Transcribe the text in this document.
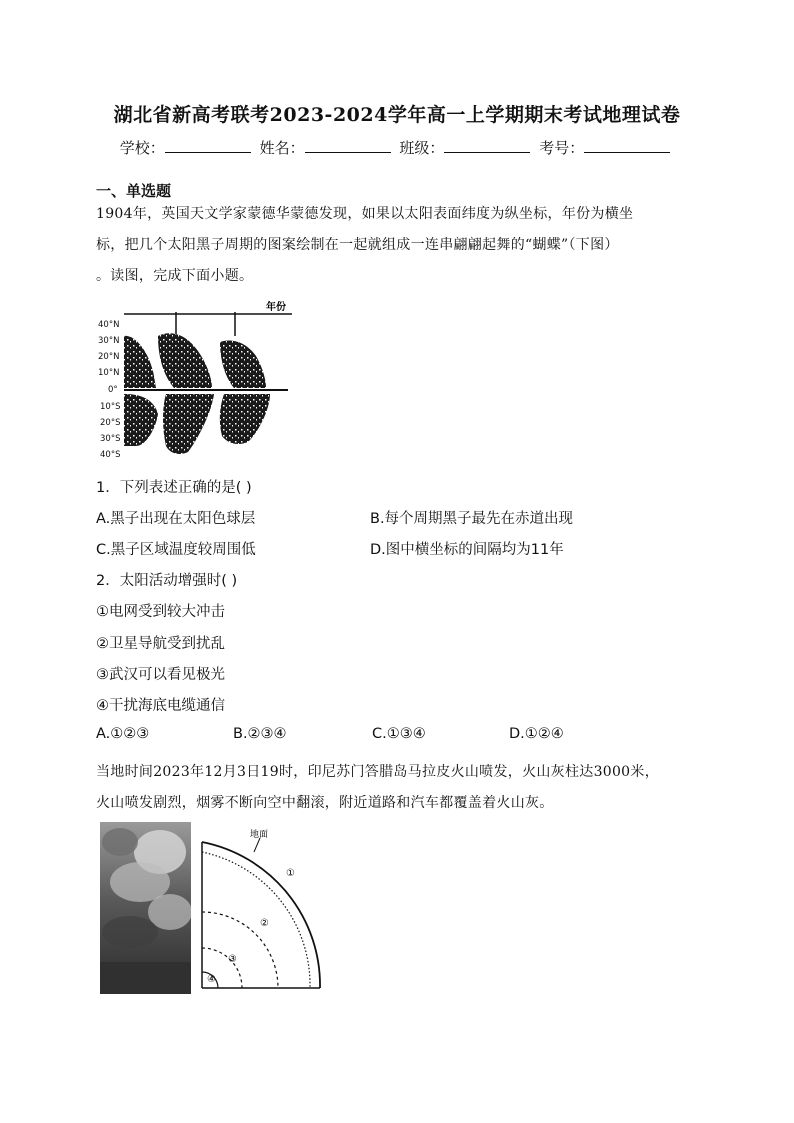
湖北省新高考联考2023-2024学年高一上学期期末考试地理试卷
学校：	姓名：	班级：	考号：
一、单选题
1904年，英国天文学家蒙德华蒙德发现，如果以太阳表面纬度为纵坐标，年份为横坐
标，把几个太阳黑子周期的图案绘制在一起就组成一连串翩翩起舞的“蝴蝶”（下图）
。读图，完成下面小题。
年份
40°N
30°N
20°N
10°N
0°
10°S
20°S
30°S
40°S
1．下列表述正确的是( )
A.黑子出现在太阳色球层	B.每个周期黑子最先在赤道出现
C.黑子区域温度较周围低	D.图中横坐标的间隔均为11年
2．太阳活动增强时( )
①电网受到较大冲击
②卫星导航受到扰乱
③武汉可以看见极光
④干扰海底电缆通信
A.①②③	B.②③④	C.①③④	D.①②④
当地时间2023年12月3日19时，印尼苏门答腊岛马拉皮火山喷发，火山灰柱达3000米，
火山喷发剧烈，烟雾不断向空中翻滚，附近道路和汽车都覆盖着火山灰。
地面
①
②
③
④
